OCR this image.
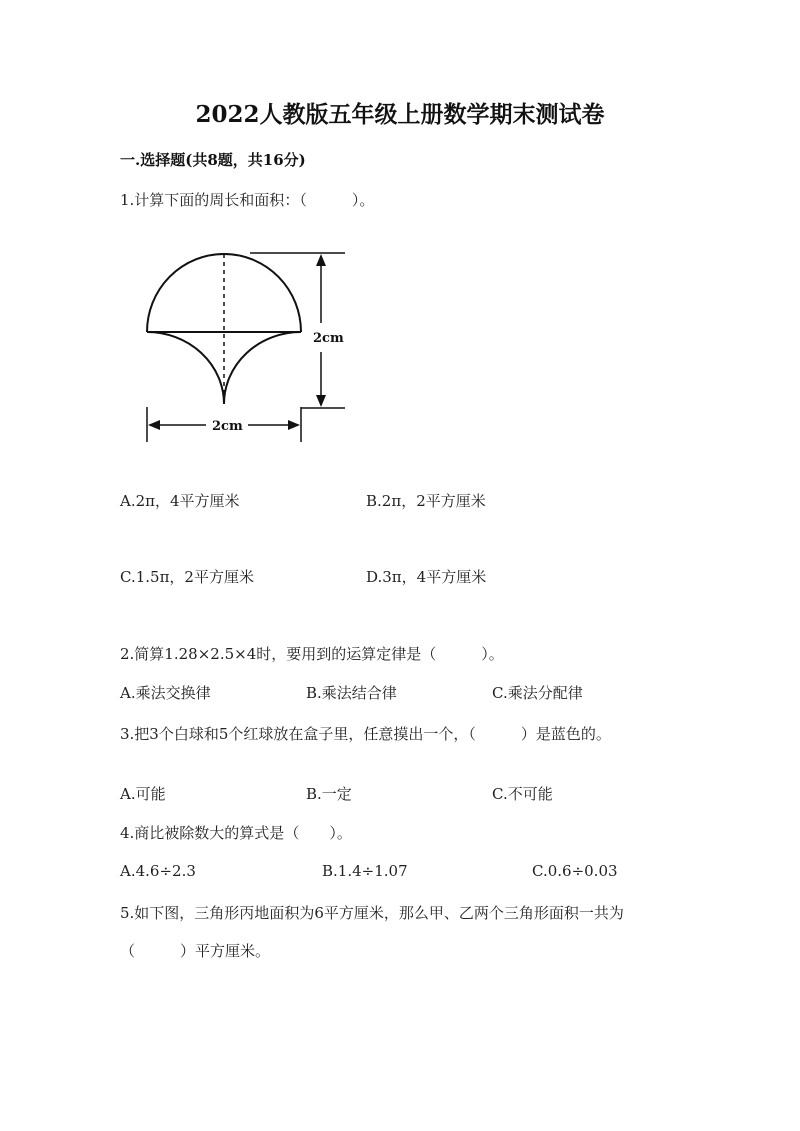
2022人教版五年级上册数学期末测试卷
一.选择题(共8题，共16分)
1.计算下面的周长和面积：（　　　）。
2cm
2cm
A.2π，4平方厘米	B.2π，2平方厘米
C.1.5π，2平方厘米	D.3π，4平方厘米
2.简算1.28×2.5×4时，要用到的运算定律是（　　　）。
A.乘法交换律	B.乘法结合律	C.乘法分配律
3.把3个白球和5个红球放在盒子里，任意摸出一个，（　　　）是蓝色的。
A.可能	B.一定	C.不可能
4.商比被除数大的算式是（　　）。
A.4.6÷2.3	B.1.4÷1.07	C.0.6÷0.03
5.如下图，三角形丙地面积为6平方厘米，那么甲、乙两个三角形面积一共为
（　　　）平方厘米。
